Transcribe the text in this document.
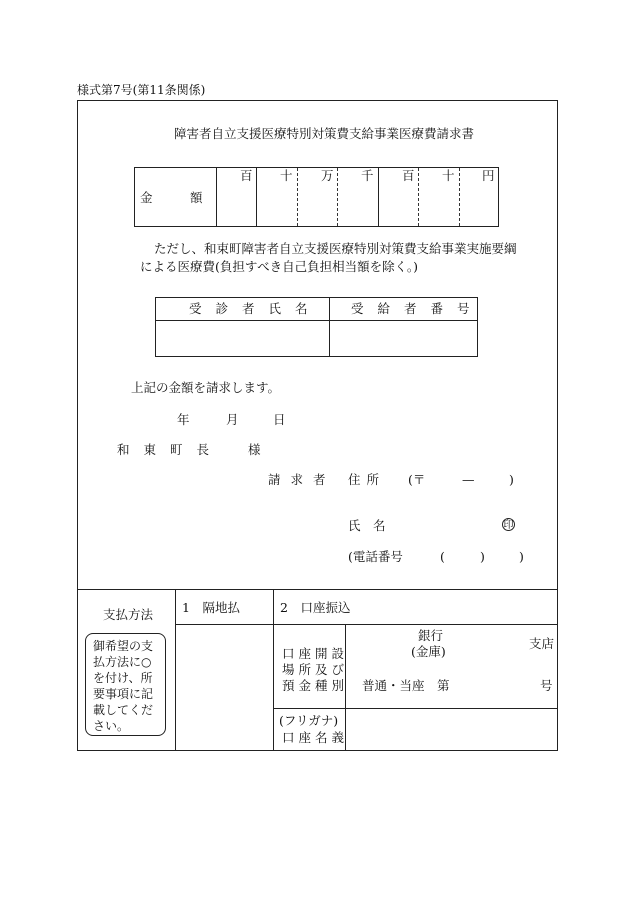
様式第7号(第11条関係)
障害者自立支援医療特別対策費支給事業医療費請求書
金　　　額
百 十 万 千 百 十 円
ただし、和束町障害者自立支援医療特別対策費支給事業実施要綱
による医療費(負担すべき自己負担相当額を除く。)
受診者氏名 受給者番号
上記の金額を請求します。
年	月	日
和東町長 様
請求者 住所 (〒	—	)
氏　名	印
(電話番号	(	)	)
支払方法
御希望の支
払方法に○
を付け、所
要事項に記
載してくだ
さい。
1　隔地払	2　口座振込
口座開設
場所及び
預金種別
銀行
(金庫)
支店
普通・当座　第	号
(フリガナ)
口座名義
